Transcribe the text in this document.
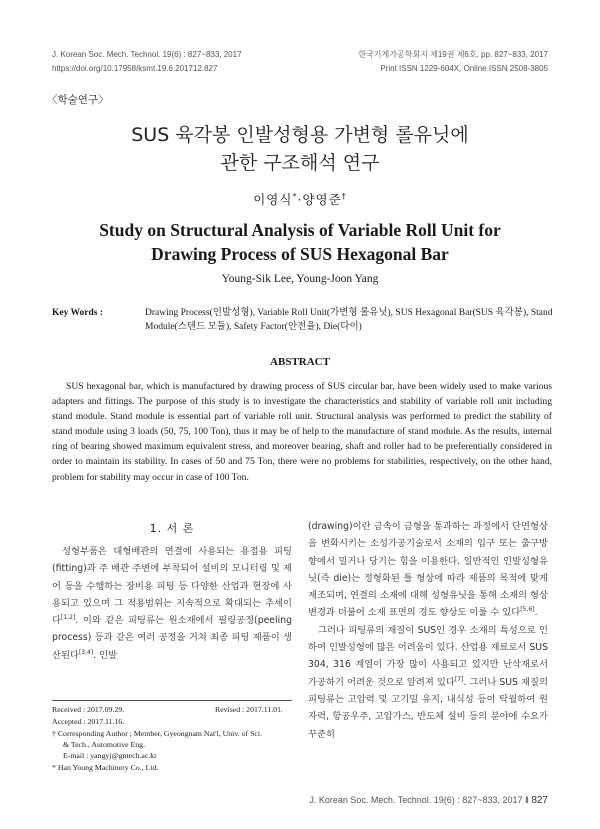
J. Korean Soc. Mech. Technol. 19(6) : 827~833, 2017
https://doi.org/10.17958/ksmt.19.6.201712.827
한국기계가공학회지 제19권 제6호, pp. 827~833, 2017
Print ISSN 1229-604X, Online ISSN 2508-3805
〈학술연구〉
SUS 육각봉 인발성형용 가변형 롤유닛에
관한 구조해석 연구
이영식*·양영준†
Study on Structural Analysis of Variable Roll Unit for
Drawing Process of SUS Hexagonal Bar
Young-Sik Lee, Young-Joon Yang
Key Words :	Drawing Process(인발성형), Variable Roll Unit(가변형 롤유닛), SUS Hexagonal Bar(SUS 육각봉), Stand
Module(스텐드 모듈), Safety Factor(안전율), Die(다이)
ABSTRACT

SUS hexagonal bar, which is manufactured by drawing process of SUS circular bar, have been widely used to make various adapters and fittings. The purpose of this study is to investigate the characteristics and stability of variable roll unit including stand module. Stand module is essential part of variable roll unit. Structural analysis was performed to predict the stability of stand module using 3 loads (50, 75, 100 Ton), thus it may be of help to the manufacture of stand module. As the results, internal ring of bearing showed maximum equivalent stress, and moreover bearing, shaft and roller had to be preferentially considered in order to maintain its stability. In cases of 50 and 75 Ton, there were no problems for stabilities, respectively, on the other hand, problem for stability may occur in case of 100 Ton.

1. 서 론

성형부품은 대형배관의 연결에 사용되는 용접용 피팅(fitting)과 주 배관 주변에 부착되어 설비의 모니터링 및 제어 등을 수행하는 장비용 피팅 등 다양한 산업과 현장에 사용되고 있으며 그 적용범위는 지속적으로 확대되는 추세이다[1,2]. 이와 같은 피팅류는 원소재에서 필링공정(peeling process) 등과 같은 여러 공정을 거쳐 최종 피팅 제품이 생산된다[3,4]. 인발

Received : 2017.09.29.	Revised : 2017.11.01.
Accepted : 2017.11.16.
† Corresponding Author ; Member, Gyeongnam Nat'l, Univ. of Sci.
& Tech., Automotive Eng.
E-mail : yangyj@gntech.ac.kr
* Han Young Machinery Co., Ltd.

(drawing)이란 금속이 금형을 통과하는 과정에서 단면형상을 변화시키는 소성가공기술로서 소재의 입구 또는 출구방향에서 밀거나 당기는 힘을 이용한다. 일반적인 인발성형유닛(즉 die)는 정형화된 틀 형상에 따라 제품의 목적에 맞게 제조되며, 연결의 소재에 대해 성형유닛을 통해 소재의 형상 변경과 더불어 소재 표면의 경도 향상도 이룰 수 있다[5,6].

그러나 피팅류의 재질이 SUS인 경우 소재의 특성으로 인하여 인발성형에 많은 어려움이 있다. 산업용 재료로서 SUS 304, 316 계열이 가장 많이 사용되고 있지만 난삭재로서 가공하기 어려운 것으로 알려져 있다[7]. 그러나 SUS 재질의 피팅류는 고압력 및 고기밀 유지, 내식성 등이 탁월하여 원자력, 항공우주, 고압가스, 반도체 설비 등의 분야에 수요가 꾸준히

J. Korean Soc. Mech. Technol. 19(6) : 827~833, 2017 ‖ 827
